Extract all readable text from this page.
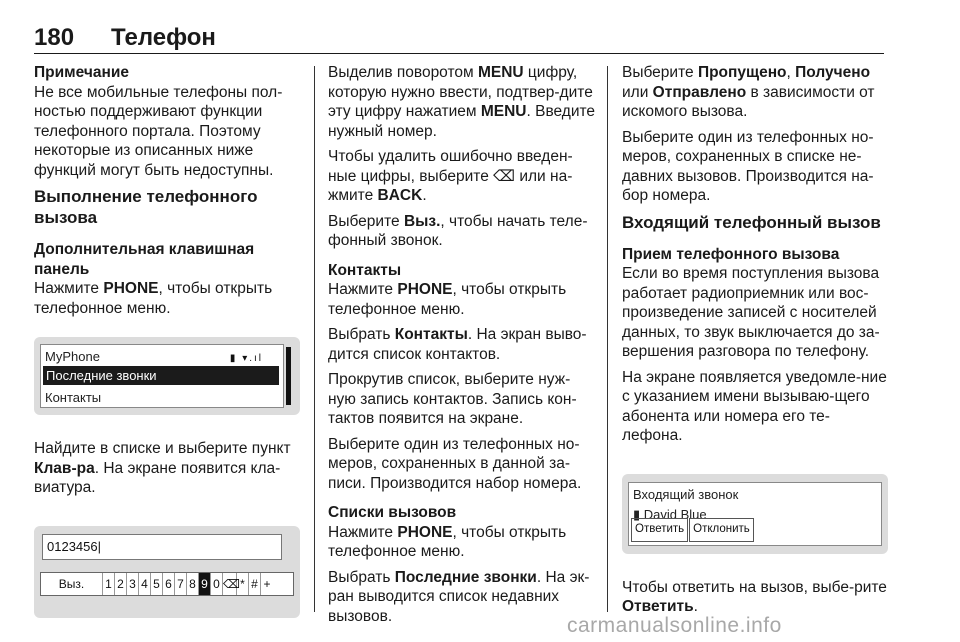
180 Телефон
Примечание
Не все мобильные телефоны пол-ностью поддерживают функции телефонного портала. Поэтому некоторые из описанных ниже функций могут быть недоступны.
Выполнение телефонного вызова
Дополнительная клавишная панель
Нажмите PHONE, чтобы открыть телефонное меню.
MyPhone	▮ ▾.ıl
Последние звонки
Контакты
Найдите в списке и выберите пункт Клав-ра. На экране появится кла-виатура.
0123456|
Выз.	1 2 3 4 5 6 7 8 9 0 ⌫ * # +
Выделив поворотом MENU цифру, которую нужно ввести, подтвер-дите эту цифру нажатием MENU. Введите нужный номер.
Чтобы удалить ошибочно введен-ные цифры, выберите ⌫ или на-жмите BACK.
Выберите Выз., чтобы начать теле-фонный звонок.
Контакты
Нажмите PHONE, чтобы открыть телефонное меню.
Выбрать Контакты. На экран выво-дится список контактов.
Прокрутив список, выберите нуж-ную запись контактов. Запись кон-тактов появится на экране.
Выберите один из телефонных но-меров, сохраненных в данной за-писи. Производится набор номера.
Списки вызовов
Нажмите PHONE, чтобы открыть телефонное меню.
Выбрать Последние звонки. На эк-ран выводится список недавних вызовов.
Выберите Пропущено, Получено или Отправлено в зависимости от искомого вызова.
Выберите один из телефонных но-меров, сохраненных в списке не-давних вызовов. Производится на-бор номера.
Входящий телефонный вызов
Прием телефонного вызова
Если во время поступления вызова работает радиоприемник или вос-произведение записей с носителей данных, то звук выключается до за-вершения разговора по телефону.
На экране появляется уведомле-ние с указанием имени вызываю-щего абонента или номера его те-лефона.
Входящий звонок
▮ David Blue
Ответить Отклонить
Чтобы ответить на вызов, выбе-рите Ответить.
carmanualsonline.info
